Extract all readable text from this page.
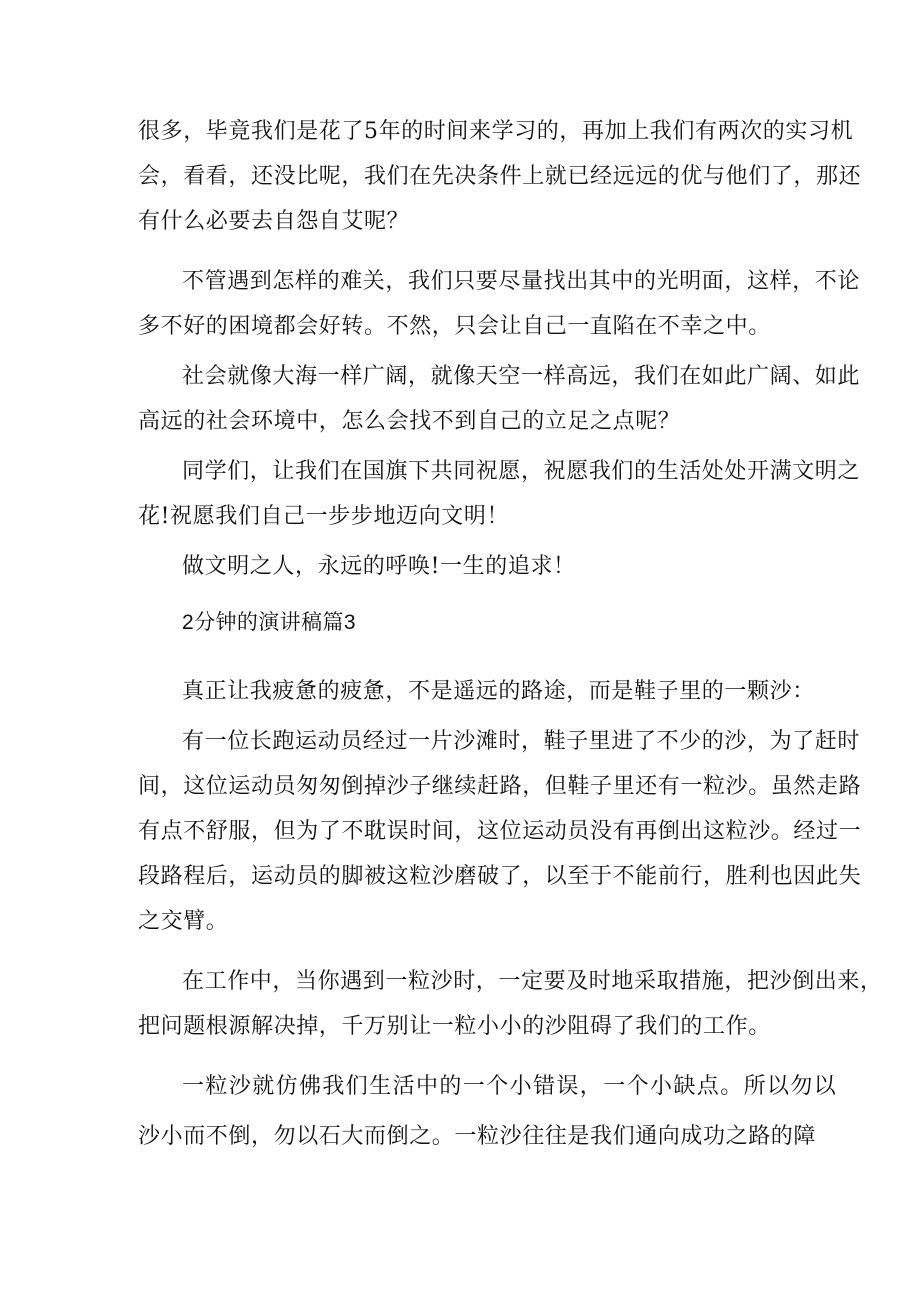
很多，毕竟我们是花了5年的时间来学习的，再加上我们有两次的实习机
会，看看，还没比呢，我们在先决条件上就已经远远的优与他们了，那还
有什么必要去自怨自艾呢？
不管遇到怎样的难关，我们只要尽量找出其中的光明面，这样，不论
多不好的困境都会好转。不然，只会让自己一直陷在不幸之中。
社会就像大海一样广阔，就像天空一样高远，我们在如此广阔、如此
高远的社会环境中，怎么会找不到自己的立足之点呢？
同学们，让我们在国旗下共同祝愿，祝愿我们的生活处处开满文明之
花!祝愿我们自己一步步地迈向文明！
做文明之人，永远的呼唤!一生的追求！
2分钟的演讲稿篇3
真正让我疲惫的疲惫，不是遥远的路途，而是鞋子里的一颗沙：
有一位长跑运动员经过一片沙滩时，鞋子里进了不少的沙，为了赶时
间，这位运动员匆匆倒掉沙子继续赶路，但鞋子里还有一粒沙。虽然走路
有点不舒服，但为了不耽误时间，这位运动员没有再倒出这粒沙。经过一
段路程后，运动员的脚被这粒沙磨破了，以至于不能前行，胜利也因此失
之交臂。
在工作中，当你遇到一粒沙时，一定要及时地采取措施，把沙倒出来，
把问题根源解决掉，千万别让一粒小小的沙阻碍了我们的工作。
一粒沙就仿佛我们生活中的一个小错误，一个小缺点。所以勿以
沙小而不倒，勿以石大而倒之。一粒沙往往是我们通向成功之路的障
